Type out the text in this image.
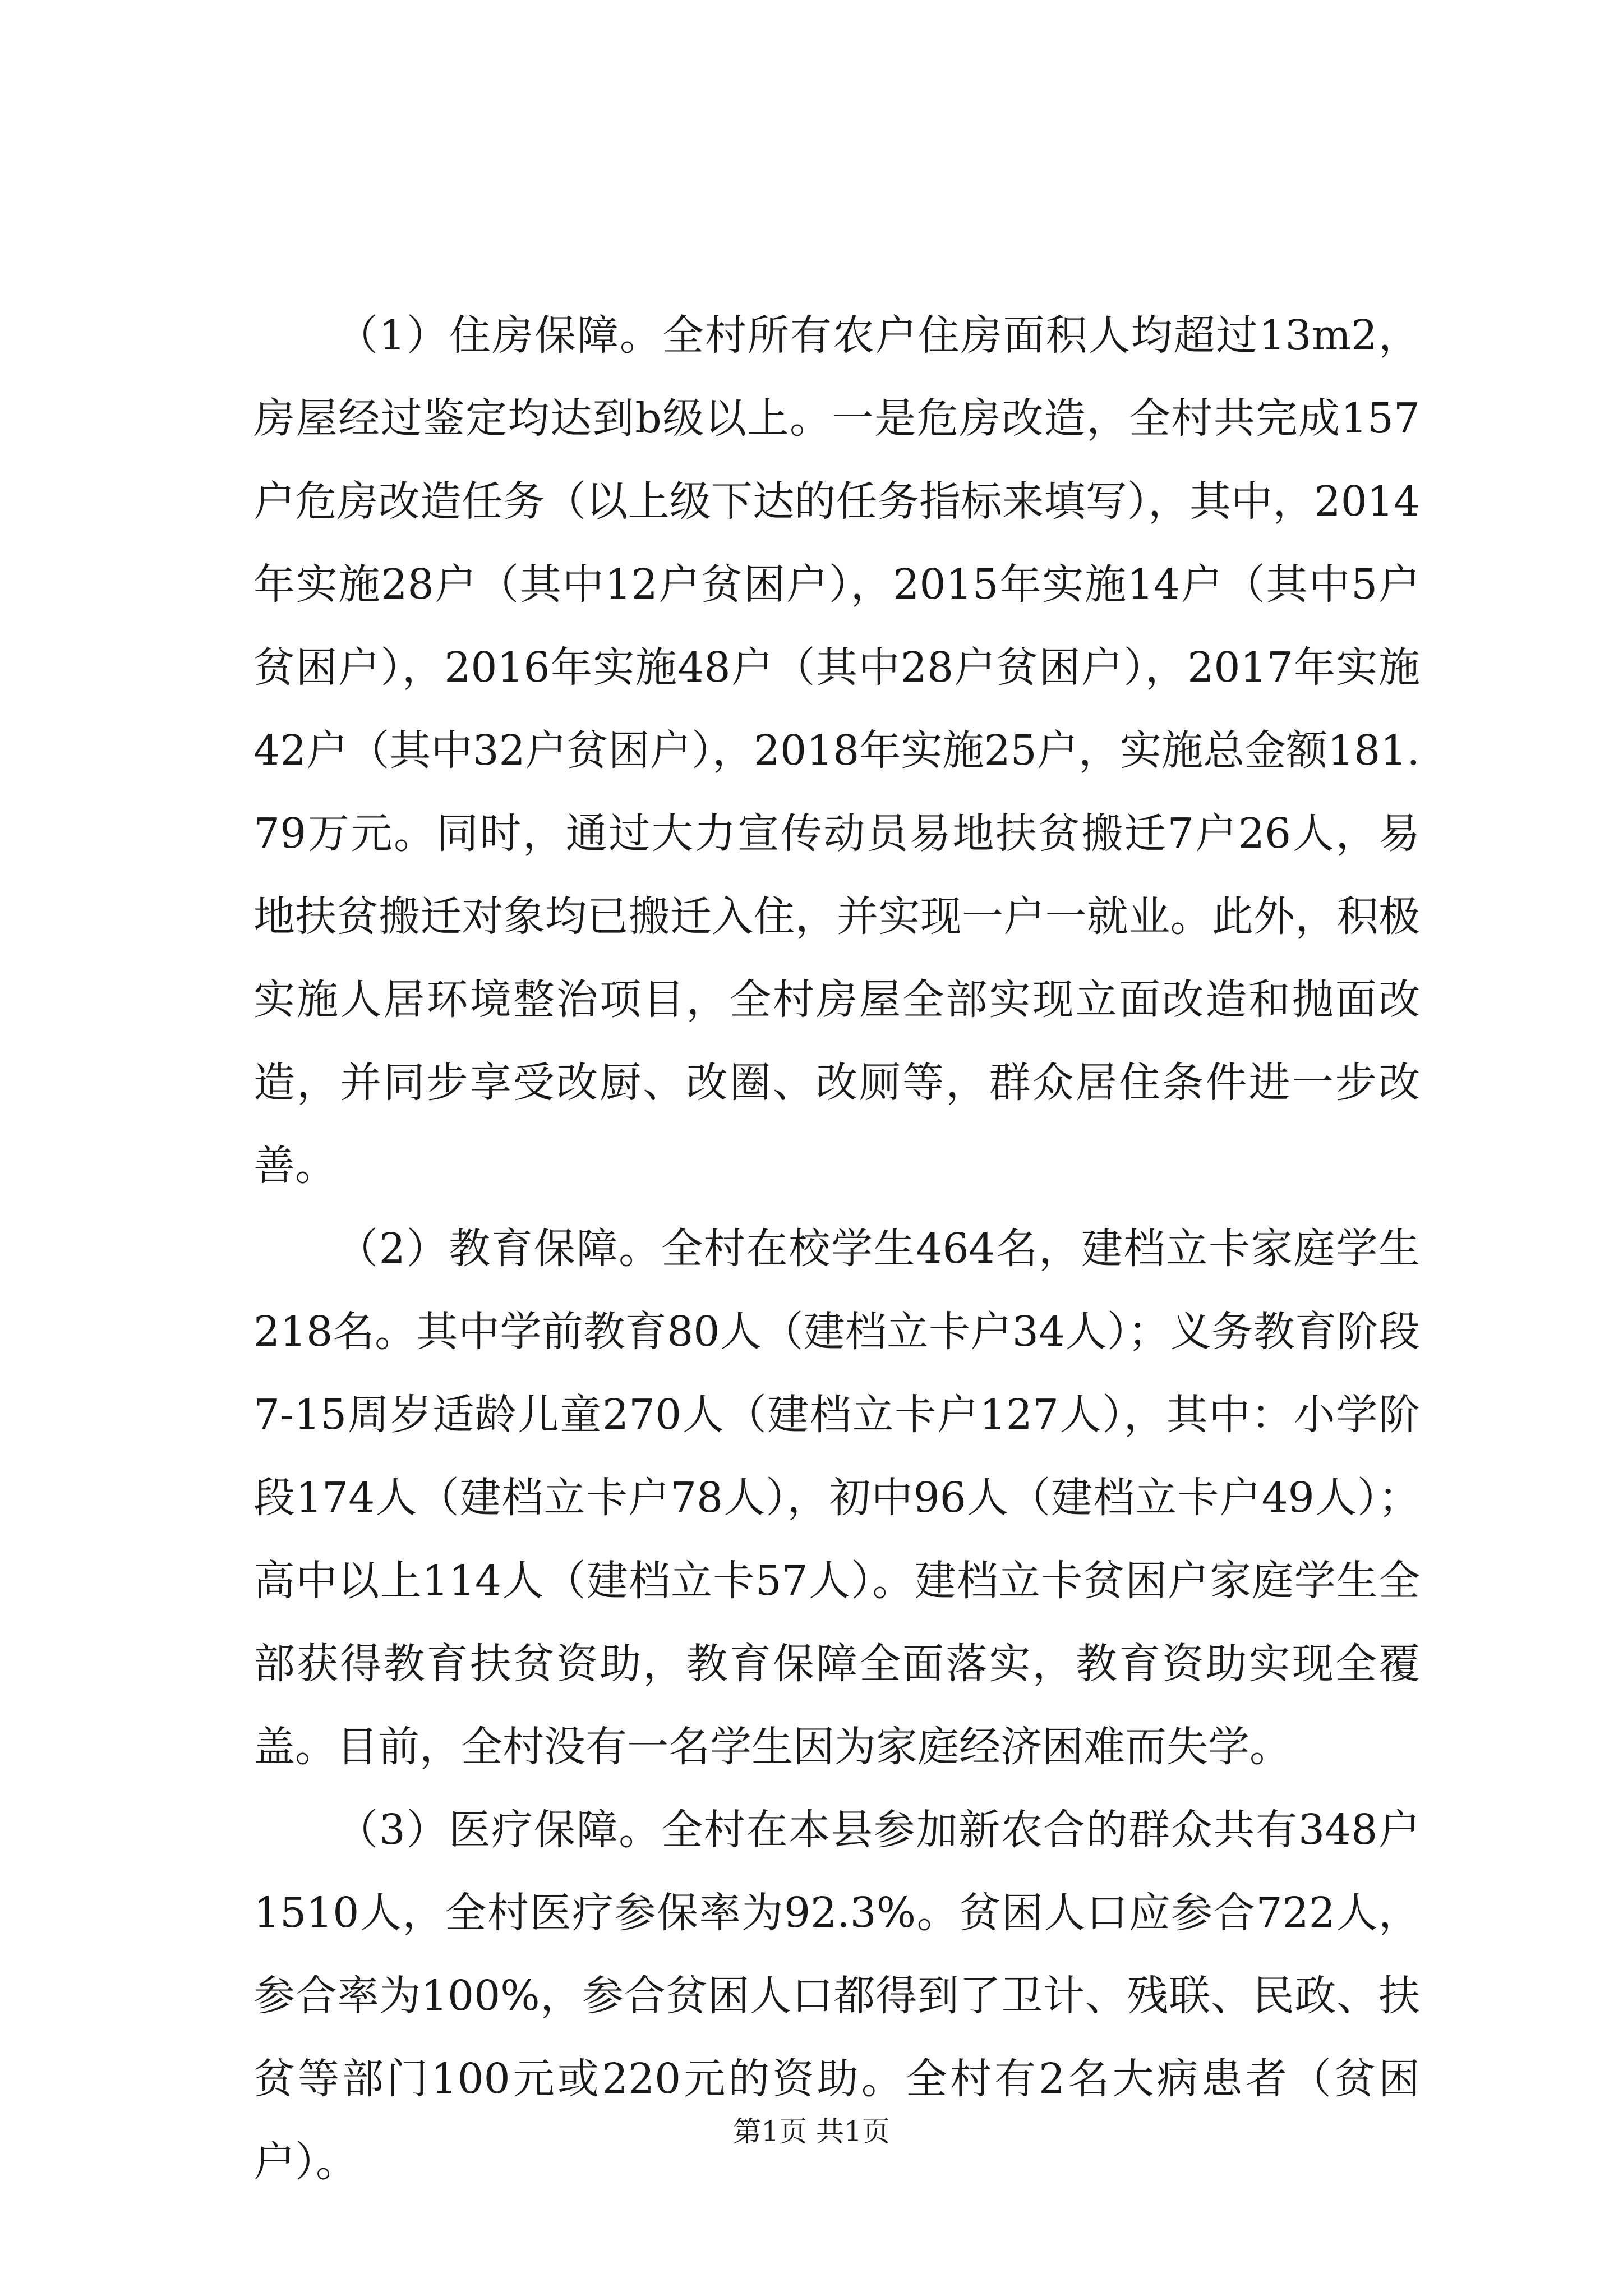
（1）住房保障。全村所有农户住房面积人均超过13m2，房屋经过鉴定均达到b级以上。一是危房改造，全村共完成157户危房改造任务（以上级下达的任务指标来填写），其中，2014年实施28户（其中12户贫困户），2015年实施14户（其中5户贫困户），2016年实施48户（其中28户贫困户），2017年实施42户（其中32户贫困户），2018年实施25户，实施总金额181.79万元。同时，通过大力宣传动员易地扶贫搬迁7户26人，易地扶贫搬迁对象均已搬迁入住，并实现一户一就业。此外，积极实施人居环境整治项目，全村房屋全部实现立面改造和抛面改造，并同步享受改厨、改圈、改厕等，群众居住条件进一步改善。

（2）教育保障。全村在校学生464名，建档立卡家庭学生218名。其中学前教育80人（建档立卡户34人）；义务教育阶段7-15周岁适龄儿童270人（建档立卡户127人），其中：小学阶段174人（建档立卡户78人），初中96人（建档立卡户49人）；高中以上114人（建档立卡57人）。建档立卡贫困户家庭学生全部获得教育扶贫资助，教育保障全面落实，教育资助实现全覆盖。目前，全村没有一名学生因为家庭经济困难而失学。

（3）医疗保障。全村在本县参加新农合的群众共有348户1510人，全村医疗参保率为92.3%。贫困人口应参合722人，参合率为100%，参合贫困人口都得到了卫计、残联、民政、扶贫等部门100元或220元的资助。全村有2名大病患者（贫困户）。

第1页 共1页
